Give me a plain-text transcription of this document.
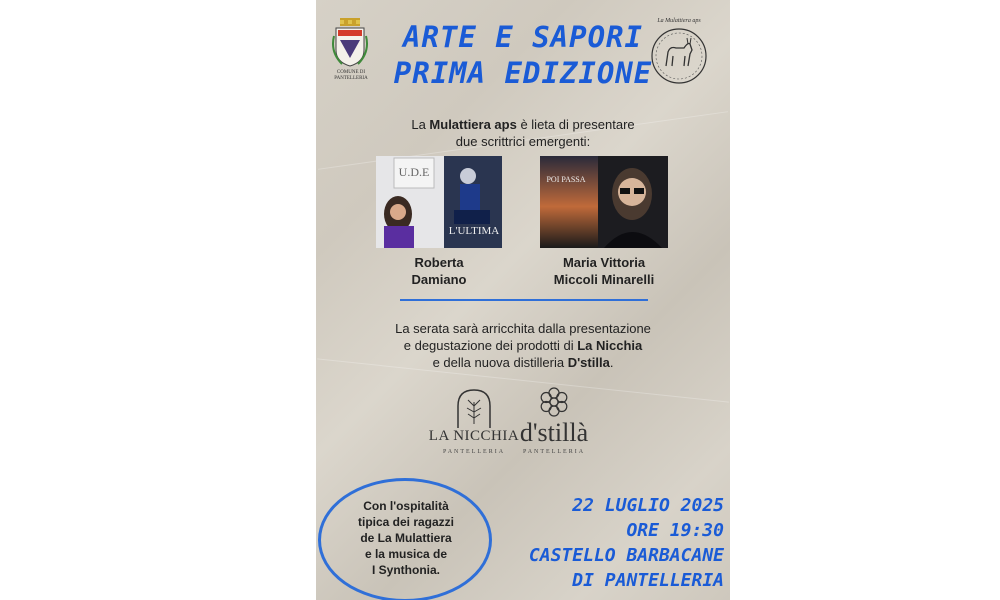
COMUNE DI PANTELLERIA
ARTE E SAPORI
PRIMA EDIZIONE
La Mulattiera aps
La Mulattiera aps è lieta di presentare
due scrittrici emergenti:
U.D.E
L'ULTIMA
POI PASSA
Roberta
Damiano
Maria Vittoria
Miccoli Minarelli
La serata sarà arricchita dalla presentazione
e degustazione dei prodotti di La Nicchia
e della nuova distilleria D'stilla.
LA NICCHIA
PANTELLERIA
d'stillà
PANTELLERIA
Con l'ospitalità
tipica dei ragazzi
de La Mulattiera
e la musica de
I Synthonia.
22 LUGLIO 2025
ORE 19:30
CASTELLO BARBACANE
DI PANTELLERIA
